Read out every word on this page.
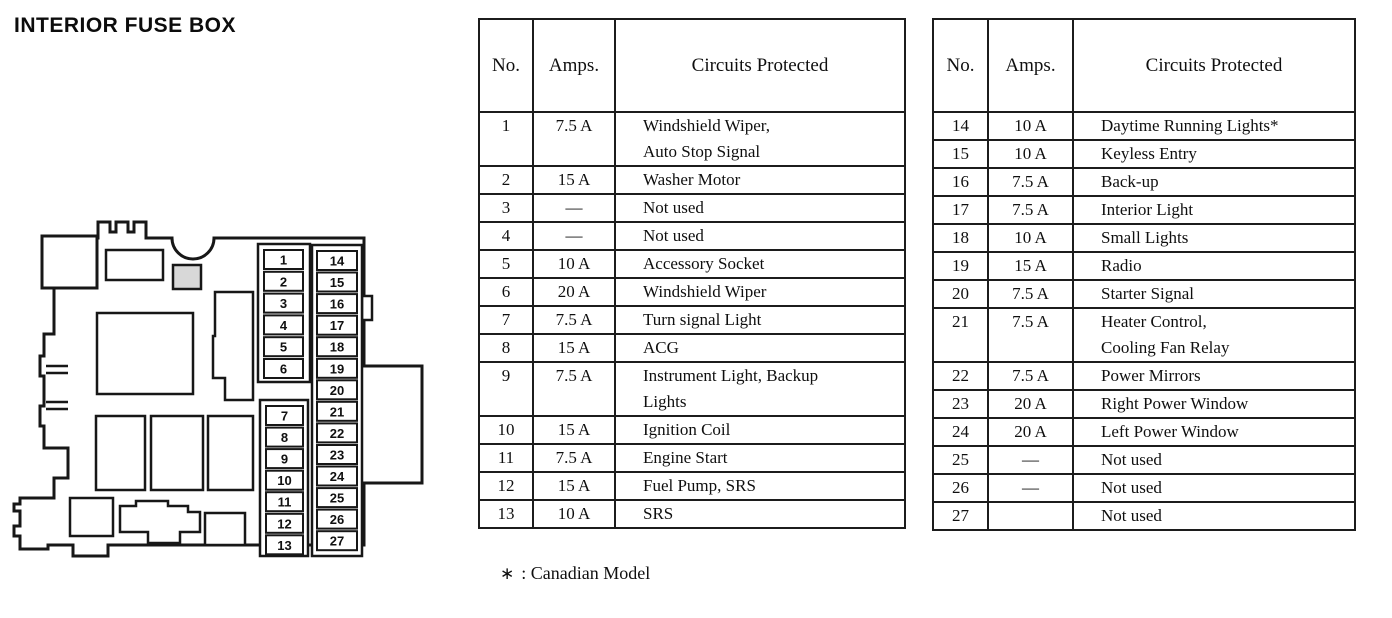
INTERIOR FUSE BOX
1
2
3
4
5
6
7
8
9
10
11
12
13
14
15
16
17
18
19
20
21
22
23
24
25
26
27
No.	Amps.	Circuits Protected
1	7.5 A	Windshield Wiper,
Auto Stop Signal

2	15 A	Washer Motor

3	—	Not used

4	—	Not used

5	10 A	Accessory Socket

6	20 A	Windshield Wiper

7	7.5 A	Turn signal Light

8	15 A	ACG

9	7.5 A	Instrument Light, Backup
Lights

10	15 A	Ignition Coil

11	7.5 A	Engine Start

12	15 A	Fuel Pump, SRS

13	10 A	SRS
No.	Amps.	Circuits Protected
14	10 A	Daytime Running Lights*

15	10 A	Keyless Entry

16	7.5 A	Back-up

17	7.5 A	Interior Light

18	10 A	Small Lights

19	15 A	Radio

20	7.5 A	Starter Signal

21	7.5 A	Heater Control,
Cooling Fan Relay

22	7.5 A	Power Mirrors

23	20 A	Right Power Window

24	20 A	Left Power Window

25	—	Not used

26	—	Not used

27		Not used
∗ : Canadian Model
